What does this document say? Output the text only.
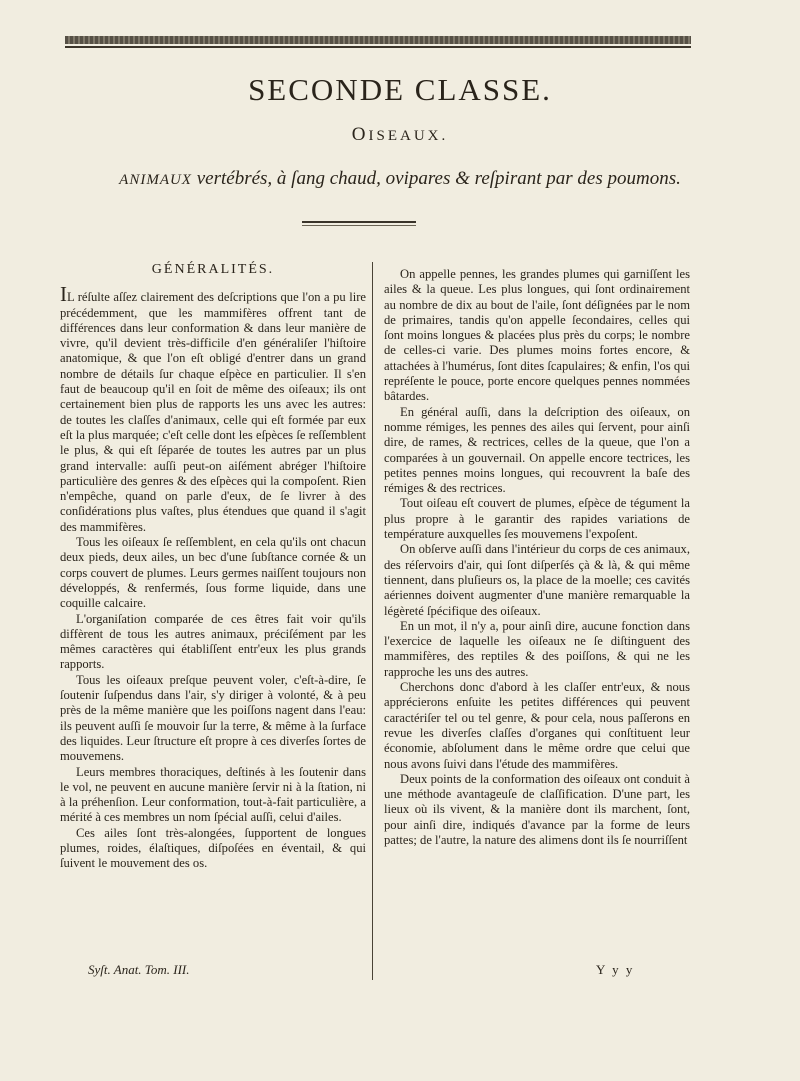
SECONDE CLASSE.
OISEAUX.
ANIMAUX vertébrés, à ſang chaud, ovipares & reſpirant par des poumons.
GÉNÉRALITÉS.

IL réſulte aſſez clairement des deſcriptions que l'on a pu lire précédemment, que les mammifères offrent tant de différences dans leur conformation & dans leur manière de vivre, qu'il devient très-difficile d'en généraliſer l'hiſtoire anatomique, & que l'on eſt obligé d'entrer dans un grand nombre de détails ſur chaque eſpèce en particulier. Il s'en faut de beaucoup qu'il en ſoit de même des oiſeaux; ils ont certainement bien plus de rapports les uns avec les autres: de toutes les claſſes d'animaux, celle qui eſt formée par eux eſt la plus marquée; c'eſt celle dont les eſpèces ſe reſſemblent le plus, & qui eſt ſéparée de toutes les autres par un plus grand intervalle: auſſi peut-on aiſément abréger l'hiſtoire particulière des genres & des eſpèces qui la compoſent. Rien n'empêche, quand on parle d'eux, de ſe livrer à des conſidérations plus vaſtes, plus étendues que quand il s'agit des mammifères.

Tous les oiſeaux ſe reſſemblent, en cela qu'ils ont chacun deux pieds, deux ailes, un bec d'une ſubſtance cornée & un corps couvert de plumes. Leurs germes naiſſent toujours non développés, & renfermés, ſous forme liquide, dans une coquille calcaire.

L'organiſation comparée de ces êtres fait voir qu'ils diffèrent de tous les autres animaux, préciſément par les mêmes caractères qui établiſſent entr'eux les plus grands rapports.

Tous les oiſeaux preſque peuvent voler, c'eſt-à-dire, ſe ſoutenir ſuſpendus dans l'air, s'y diriger à volonté, & à peu près de la même manière que les poiſſons nagent dans l'eau: ils peuvent auſſi ſe mouvoir ſur la terre, & même à la ſurface des liquides. Leur ſtructure eſt propre à ces diverſes ſortes de mouvemens.

Leurs membres thoraciques, deſtinés à les ſoutenir dans le vol, ne peuvent en aucune manière ſervir ni à la ſtation, ni à la préhenſion. Leur conformation, tout-à-fait particulière, a mérité à ces membres un nom ſpécial auſſi, celui d'ailes.

Ces ailes ſont très-alongées, ſupportent de longues plumes, roides, élaſtiques, diſpoſées en éventail, & qui ſuivent le mouvement des os.

On appelle pennes, les grandes plumes qui garniſſent les ailes & la queue. Les plus longues, qui ſont ordinairement au nombre de dix au bout de l'aile, ſont déſignées par le nom de primaires, tandis qu'on appelle ſecondaires, celles qui ſont moins longues & placées plus près du corps; le nombre de celles-ci varie. Des plumes moins fortes encore, & attachées à l'humérus, ſont dites ſcapulaires; & enfin, l'os qui repréſente le pouce, porte encore quelques pennes nommées bâtardes.

En général auſſi, dans la deſcription des oiſeaux, on nomme rémiges, les pennes des ailes qui ſervent, pour ainſi dire, de rames, & rectrices, celles de la queue, que l'on a comparées à un gouvernail. On appelle encore tectrices, les petites pennes moins longues, qui recouvrent la baſe des rémiges & des rectrices.

Tout oiſeau eſt couvert de plumes, eſpèce de tégument la plus propre à le garantir des rapides variations de température auxquelles ſes mouvemens l'expoſent.

On obſerve auſſi dans l'intérieur du corps de ces animaux, des réſervoirs d'air, qui ſont diſperſés çà & là, & qui même tiennent, dans pluſieurs os, la place de la moelle; ces cavités aériennes doivent augmenter d'une manière remarquable la légèreté ſpécifique des oiſeaux.

En un mot, il n'y a, pour ainſi dire, aucune fonction dans l'exercice de laquelle les oiſeaux ne ſe diſtinguent des mammifères, des reptiles & des poiſſons, & qui ne les rapproche les uns des autres.

Cherchons donc d'abord à les claſſer entr'eux, & nous apprécierons enſuite les petites différences qui peuvent caractériſer tel ou tel genre, & pour cela, nous paſſerons en revue les diverſes claſſes d'organes qui conſtituent leur économie, abſolument dans le même ordre que celui que nous avons ſuivi dans l'étude des mammifères.

Deux points de la conformation des oiſeaux ont conduit à une méthode avantageuſe de claſſification. D'une part, les lieux où ils vivent, & la manière dont ils marchent, ſont, pour ainſi dire, indiqués d'avance par la forme de leurs pattes; de l'autre, la nature des alimens dont ils ſe nourriſſent

Syſt. Anat. Tom. III.	Y y y
